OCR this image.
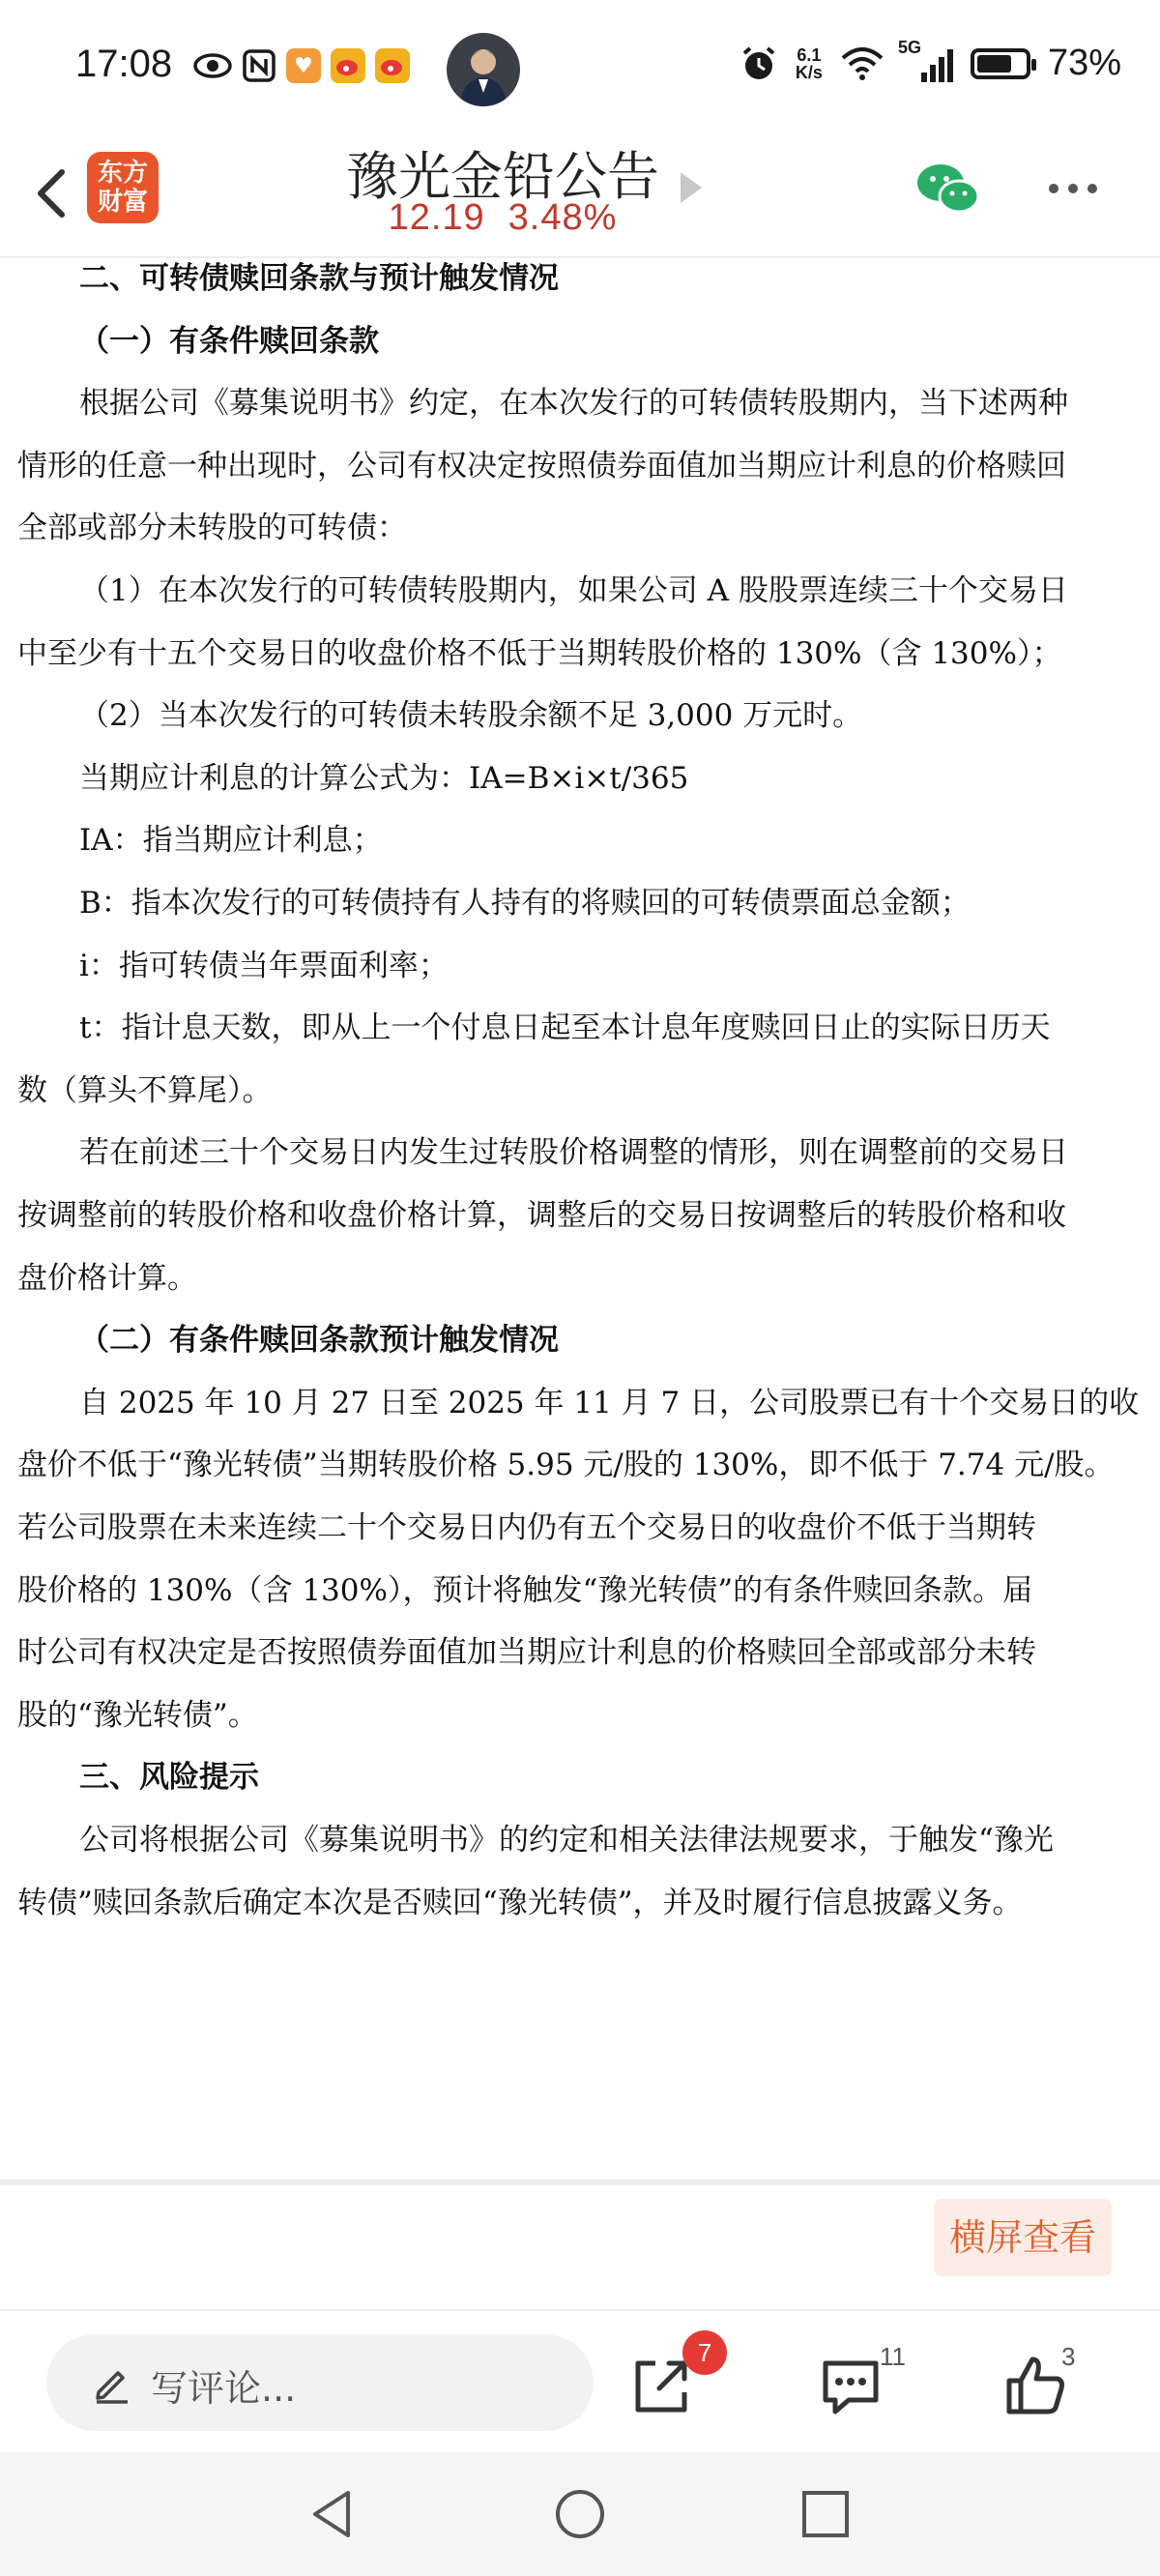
17:08	♥	6.1
K/s
5G	73%
东方
财富	豫光金铅公告
12.19 3.48%
二、可转债赎回条款与预计触发情况
（一）有条件赎回条款
根据公司《募集说明书》约定，在本次发行的可转债转股期内，当下述两种
情形的任意一种出现时，公司有权决定按照债券面值加当期应计利息的价格赎回
全部或部分未转股的可转债：
（1）在本次发行的可转债转股期内，如果公司 A 股股票连续三十个交易日
中至少有十五个交易日的收盘价格不低于当期转股价格的 130%（含 130%）；
（2）当本次发行的可转债未转股余额不足 3,000 万元时。
当期应计利息的计算公式为：IA=B×i×t/365
IA：指当期应计利息；
B：指本次发行的可转债持有人持有的将赎回的可转债票面总金额；
i：指可转债当年票面利率；
t：指计息天数，即从上一个付息日起至本计息年度赎回日止的实际日历天
数（算头不算尾）。
若在前述三十个交易日内发生过转股价格调整的情形，则在调整前的交易日
按调整前的转股价格和收盘价格计算，调整后的交易日按调整后的转股价格和收
盘价格计算。
（二）有条件赎回条款预计触发情况
自 2025 年 10 月 27 日至 2025 年 11 月 7 日，公司股票已有十个交易日的收
盘价不低于“豫光转债”当期转股价格 5.95 元/股的 130%，即不低于 7.74 元/股。
若公司股票在未来连续二十个交易日内仍有五个交易日的收盘价不低于当期转
股价格的 130%（含 130%），预计将触发“豫光转债”的有条件赎回条款。届
时公司有权决定是否按照债券面值加当期应计利息的价格赎回全部或部分未转
股的“豫光转债”。
三、风险提示
公司将根据公司《募集说明书》的约定和相关法律法规要求，于触发“豫光
转债”赎回条款后确定本次是否赎回“豫光转债”，并及时履行信息披露义务。
横屏查看
写评论...
7	11	3
